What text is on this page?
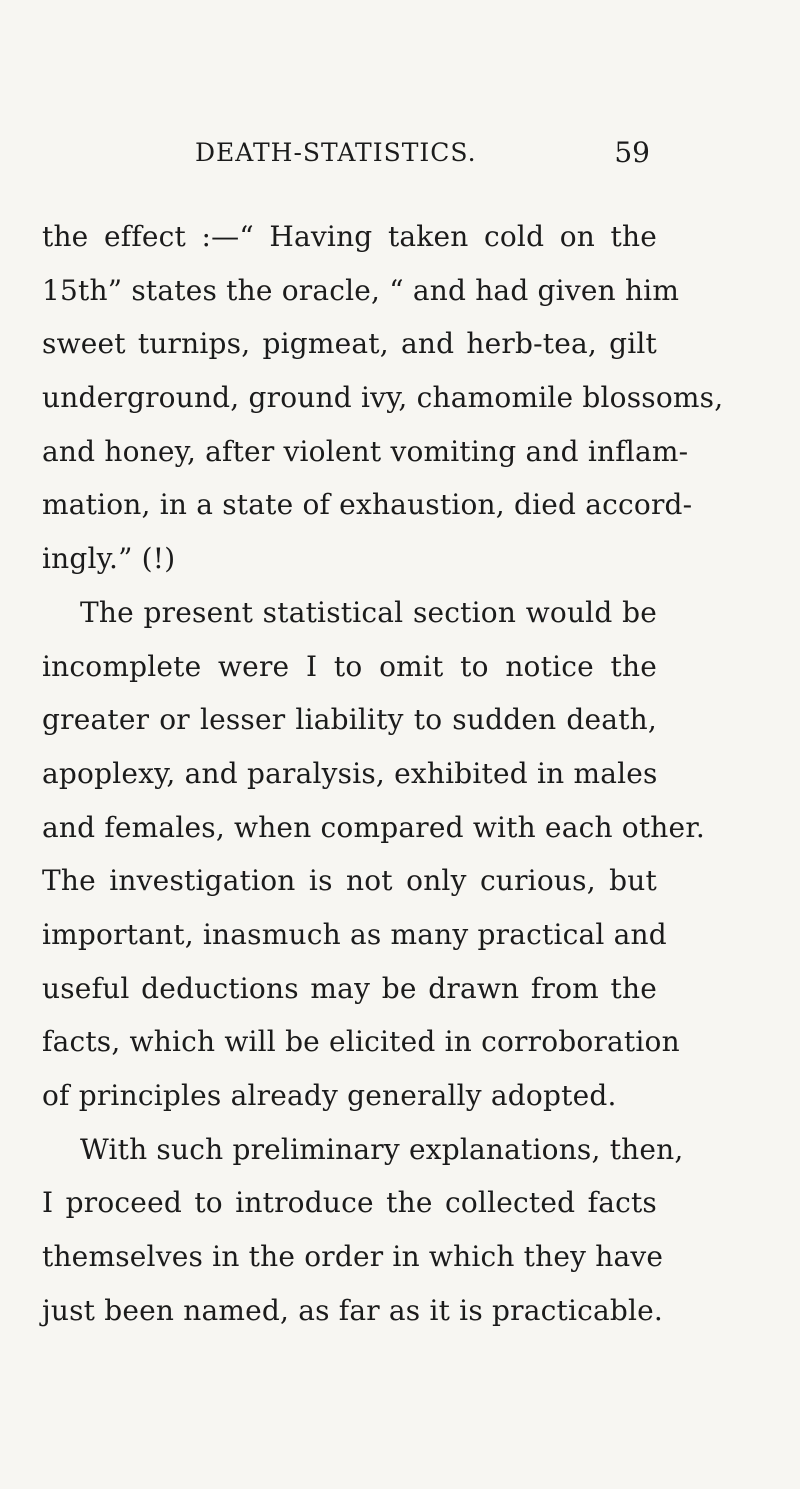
DEATH-STATISTICS.	59
the effect :—“ Having taken cold on the
15th” states the oracle, “ and had given him
sweet turnips, pigmeat, and herb-tea, gilt
underground, ground ivy, chamomile blossoms,
and honey, after violent vomiting and inflam-
mation, in a state of exhaustion, died accord-
ingly.” (!)
The present statistical section would be
incomplete were I to omit to notice the
greater or lesser liability to sudden death,
apoplexy, and paralysis, exhibited in males
and females, when compared with each other.
The investigation is not only curious, but
important, inasmuch as many practical and
useful deductions may be drawn from the
facts, which will be elicited in corroboration
of principles already generally adopted.
With such preliminary explanations, then,
I proceed to introduce the collected facts
themselves in the order in which they have
just been named, as far as it is practicable.
